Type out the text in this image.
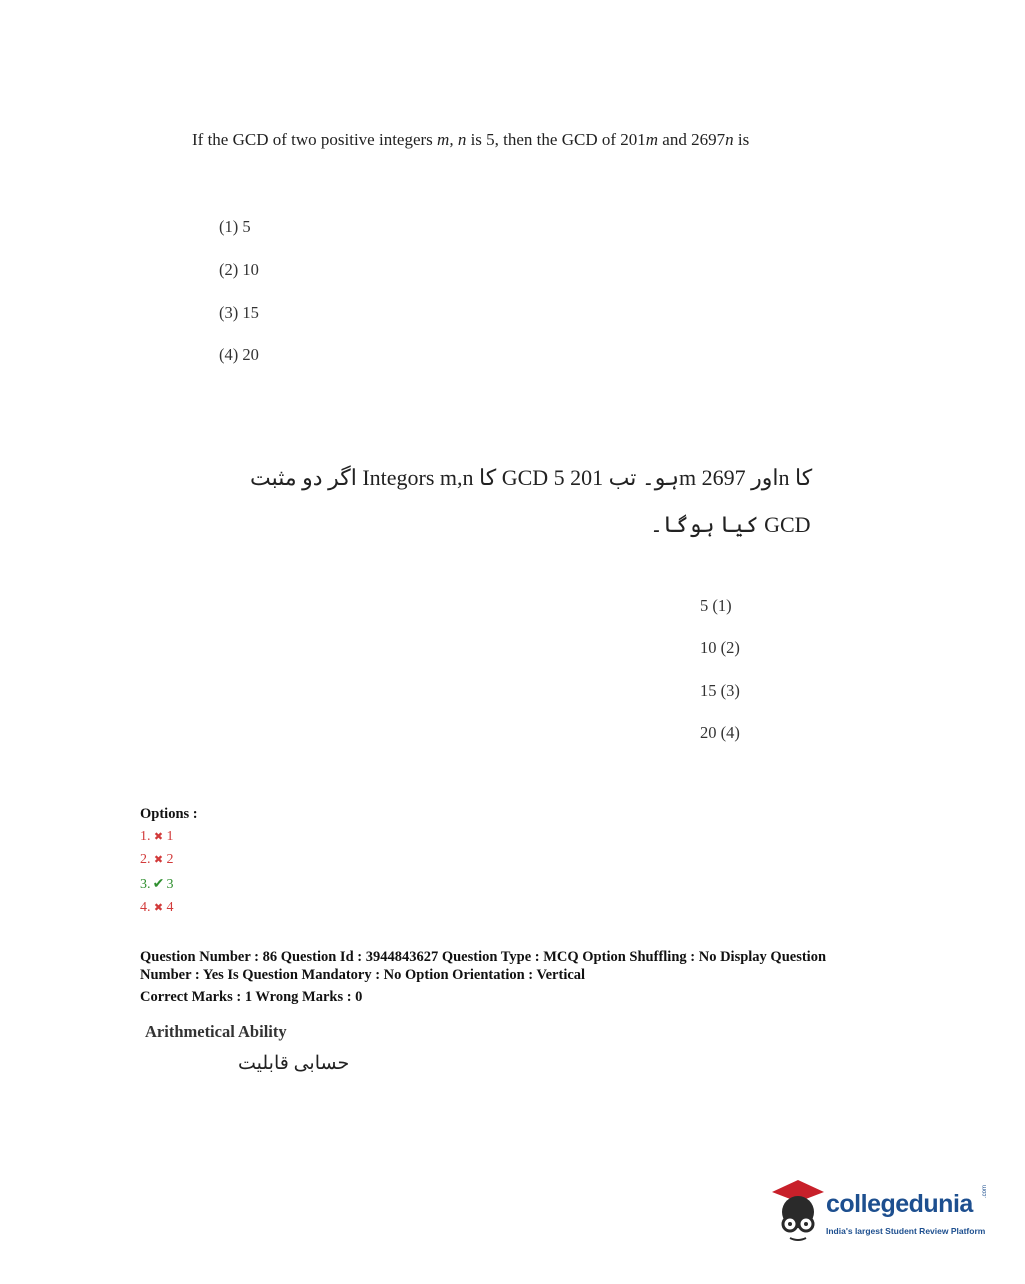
If the GCD of two positive integers m, n is 5, then the GCD of 201m and 2697n is
(1) 5
(2) 10
(3) 15
(4) 20
اگر دو مثبت Integors m,n کا GCD 5 ہو۔ تب 201m اور 2697n کا
GCD کیا ہوگا۔
5 (1)
10 (2)
15 (3)
20 (4)
Options :
1. ✖ 1
2. ✖ 2
3. ✔ 3
4. ✖ 4
Question Number : 86 Question Id : 3944843627 Question Type : MCQ Option Shuffling : No Display Question
Number : Yes Is Question Mandatory : No Option Orientation : Vertical
Correct Marks : 1 Wrong Marks : 0
Arithmetical Ability
حسابی قابلیت
collegedunia
India's largest Student Review Platform
.com
